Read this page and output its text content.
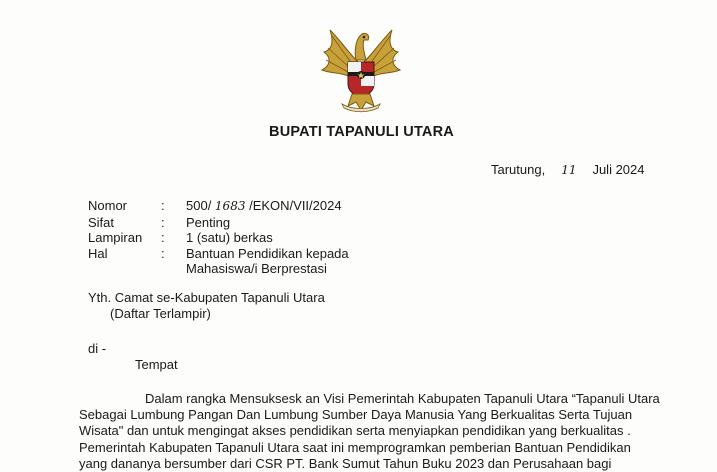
BUPATI TAPANULI UTARA
Tarutung, 11 Juli 2024
Nomor	:	500/ 1683 /EKON/VII/2024
Sifat	:	Penting
Lampiran	:	1 (satu) berkas
Hal	:	Bantuan Pendidikan kepada
Mahasiswa/i Berprestasi
Yth. Camat se-Kabupaten Tapanuli Utara
(Daftar Terlampir)
di -
Tempat
Dalam rangka Mensuksesk an Visi Pemerintah Kabupaten Tapanuli Utara “Tapanuli Utara
Sebagai Lumbung Pangan Dan Lumbung Sumber Daya Manusia Yang Berkualitas Serta Tujuan
Wisata" dan untuk mengingat akses pendidikan serta menyiapkan pendidikan yang berkualitas .
Pemerintah Kabupaten Tapanuli Utara saat ini memprogramkan pemberian Bantuan Pendidikan
yang dananya bersumber dari CSR PT. Bank Sumut Tahun Buku 2023 dan Perusahaan bagi
